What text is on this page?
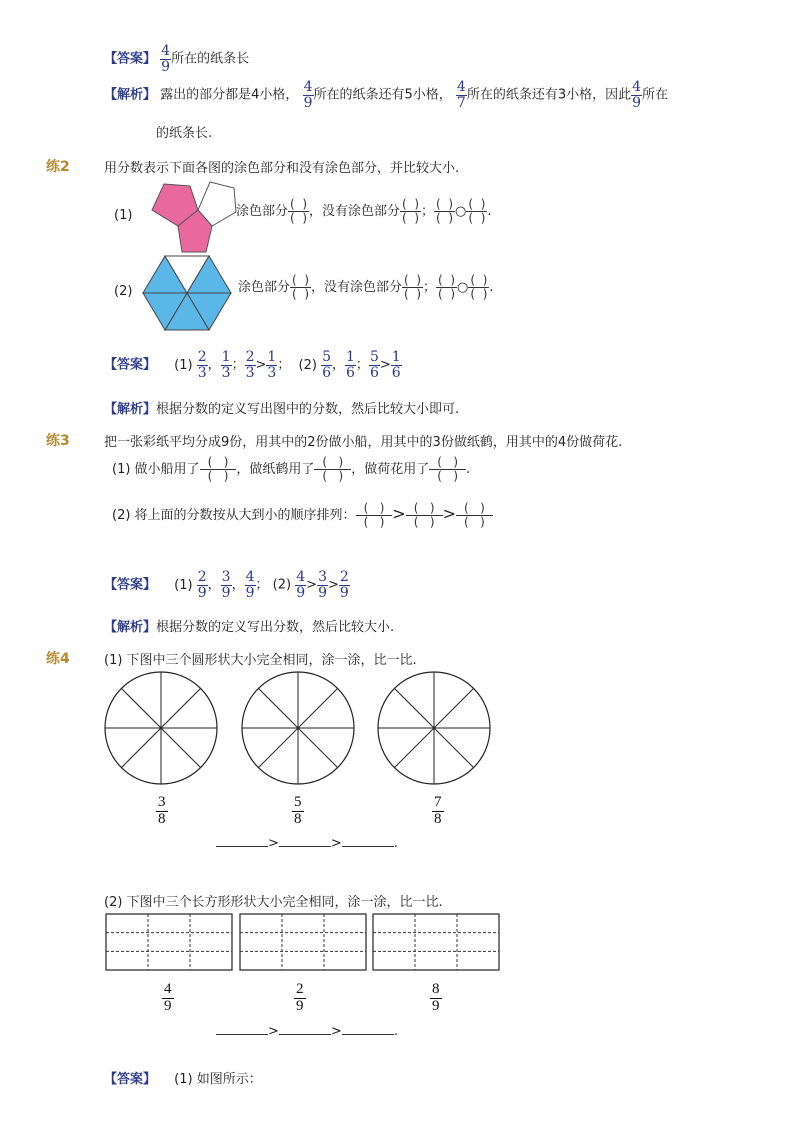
【答案】 $\frac{4}{9}$ 所在的纸条长
【解析】 露出的部分都是4小格， $\frac{4}{9}$ 所在的纸条还有5小格， $\frac{4}{7}$ 所在的纸条还有3小格，因此 $\frac{4}{9}$ 所在
的纸条长.
练2	用分数表示下面各图的涂色部分和没有涂色部分，并比较大小.
(1)	涂色部分
(  )
(  ) ，没有涂色部分
(  )
(  ) ；
(  )
(  ) ○
(  )
(  ) .
(2)	涂色部分
(  )
(  ) ，没有涂色部分
(  )
(  ) ；
(  )
(  ) ○
(  )
(  ) .
【答案】 $(1) \frac{2}{3}$ ， $\frac{1}{3}$ ； $\frac{2}{3} > \frac{1}{3}$ ； $(2) \frac{5}{6}$ ， $\frac{1}{6}$ ； $\frac{5}{6} > \frac{1}{6}$
【解析】根据分数的定义写出图中的分数，然后比较大小即可.
练3	把一张彩纸平均分成9份，用其中的2份做小船，用其中的3份做纸鹤，用其中的4份做荷花.
(1) 做小船用了
(   )
(   ) ，做纸鹤用了
(   )
(   ) ，做荷花用了
(   )
(   ) .
(2) 将上面的分数按从大到小的顺序排列：
(   )
(   ) > (   )
(   ) > (   )
(   )
【答案】 $(1) \frac{2}{9}$ ， $\frac{3}{9}$ ， $\frac{4}{9}$ ； $(2) \frac{4}{9} > \frac{3}{9} > \frac{2}{9}$
【解析】根据分数的定义写出分数，然后比较大小.
练4	(1) 下图中三个圆形状大小完全相同，涂一涂，比一比.
3
8
5
8
7
8
>	>	.
(2) 下图中三个长方形形状大小完全相同，涂一涂，比一比.
4
9
2
9
8
9
>	>	.
【答案】 (1) 如图所示：
